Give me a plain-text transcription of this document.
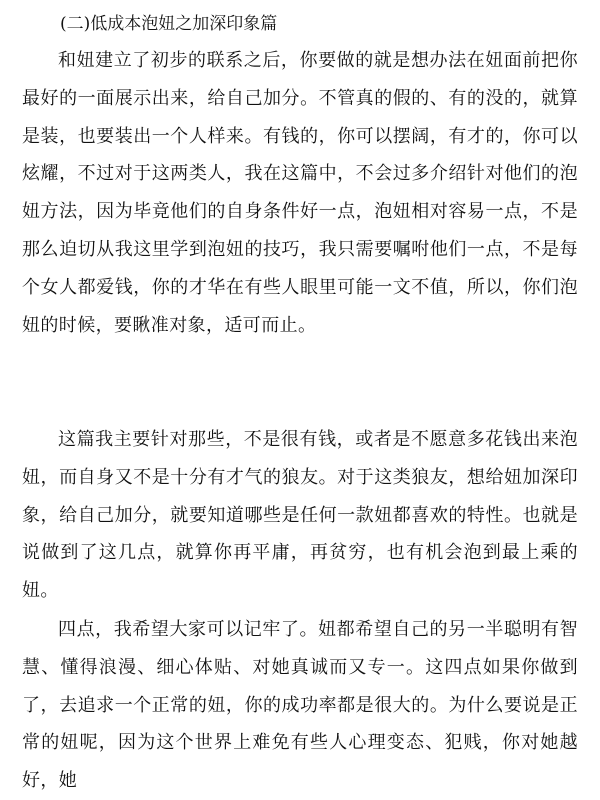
(二)低成本泡妞之加深印象篇

和妞建立了初步的联系之后，你要做的就是想办法在妞面前把你最好的一面展示出来，给自己加分。不管真的假的、有的没的，就算是装，也要装出一个人样来。有钱的，你可以摆阔，有才的，你可以炫耀，不过对于这两类人，我在这篇中，不会过多介绍针对他们的泡妞方法，因为毕竟他们的自身条件好一点，泡妞相对容易一点，不是那么迫切从我这里学到泡妞的技巧，我只需要嘱咐他们一点，不是每个女人都爱钱，你的才华在有些人眼里可能一文不值，所以，你们泡妞的时候，要瞅准对象，适可而止。

这篇我主要针对那些，不是很有钱，或者是不愿意多花钱出来泡妞，而自身又不是十分有才气的狼友。对于这类狼友，想给妞加深印象，给自己加分，就要知道哪些是任何一款妞都喜欢的特性。也就是说做到了这几点，就算你再平庸，再贫穷，也有机会泡到最上乘的妞。

四点，我希望大家可以记牢了。妞都希望自己的另一半聪明有智慧、懂得浪漫、细心体贴、对她真诚而又专一。这四点如果你做到了，去追求一个正常的妞，你的成功率都是很大的。为什么要说是正常的妞呢，因为这个世界上难免有些人心理变态、犯贱，你对她越好，她
